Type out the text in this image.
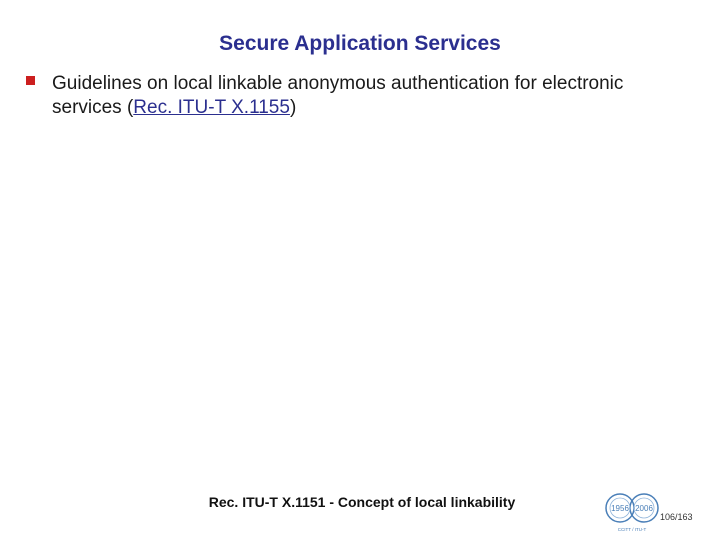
Secure Application Services
Guidelines on local linkable anonymous authentication for electronic services (Rec. ITU-T X.1155)
Rec. ITU-T X.1151 - Concept of local linkability	1956 2006
CCITT / ITU-T
106/163
